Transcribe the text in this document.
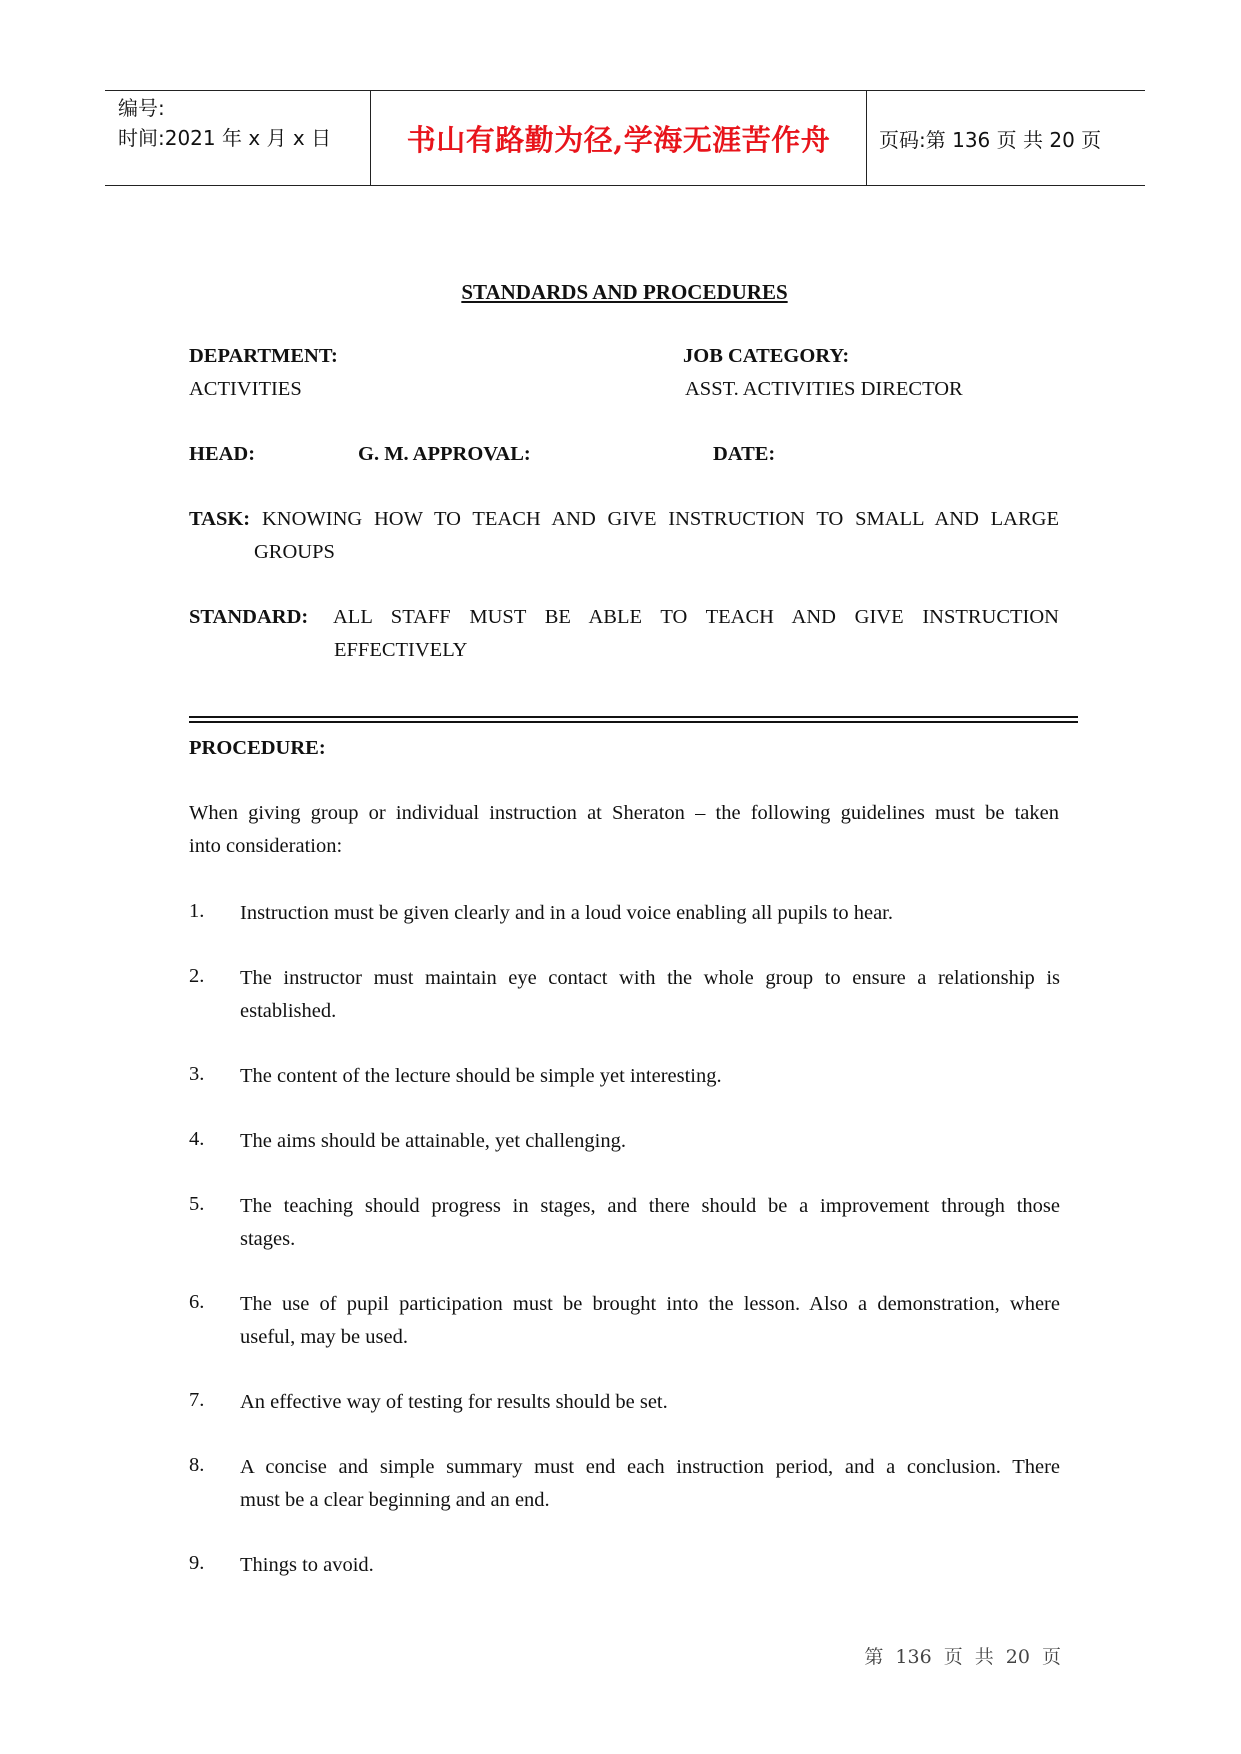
编号:
时间:2021 年 x 月 x 日	书山有路勤为径,学海无涯苦作舟	页码:第 136 页 共 20 页
STANDARDS AND PROCEDURES
DEPARTMENT:
ACTIVITIES
JOB CATEGORY:
ASST. ACTIVITIES DIRECTOR
HEAD:	G. M. APPROVAL:	DATE:
TASK: KNOWING HOW TO TEACH AND GIVE INSTRUCTION TO SMALL AND LARGE
GROUPS
STANDARD: ALL STAFF MUST BE ABLE TO TEACH AND GIVE INSTRUCTION
EFFECTIVELY
PROCEDURE:
When giving group or individual instruction at Sheraton – the following guidelines must be taken
into consideration:
1. Instruction must be given clearly and in a loud voice enabling all pupils to hear.
2. The instructor must maintain eye contact with the whole group to ensure a relationship is
established.
3. The content of the lecture should be simple yet interesting.
4. The aims should be attainable, yet challenging.
5. The teaching should progress in stages, and there should be a improvement through those
stages.
6. The use of pupil participation must be brought into the lesson. Also a demonstration, where
useful, may be used.
7. An effective way of testing for results should be set.
8. A concise and simple summary must end each instruction period, and a conclusion. There
must be a clear beginning and an end.
9. Things to avoid.
第 136 页 共 20 页
